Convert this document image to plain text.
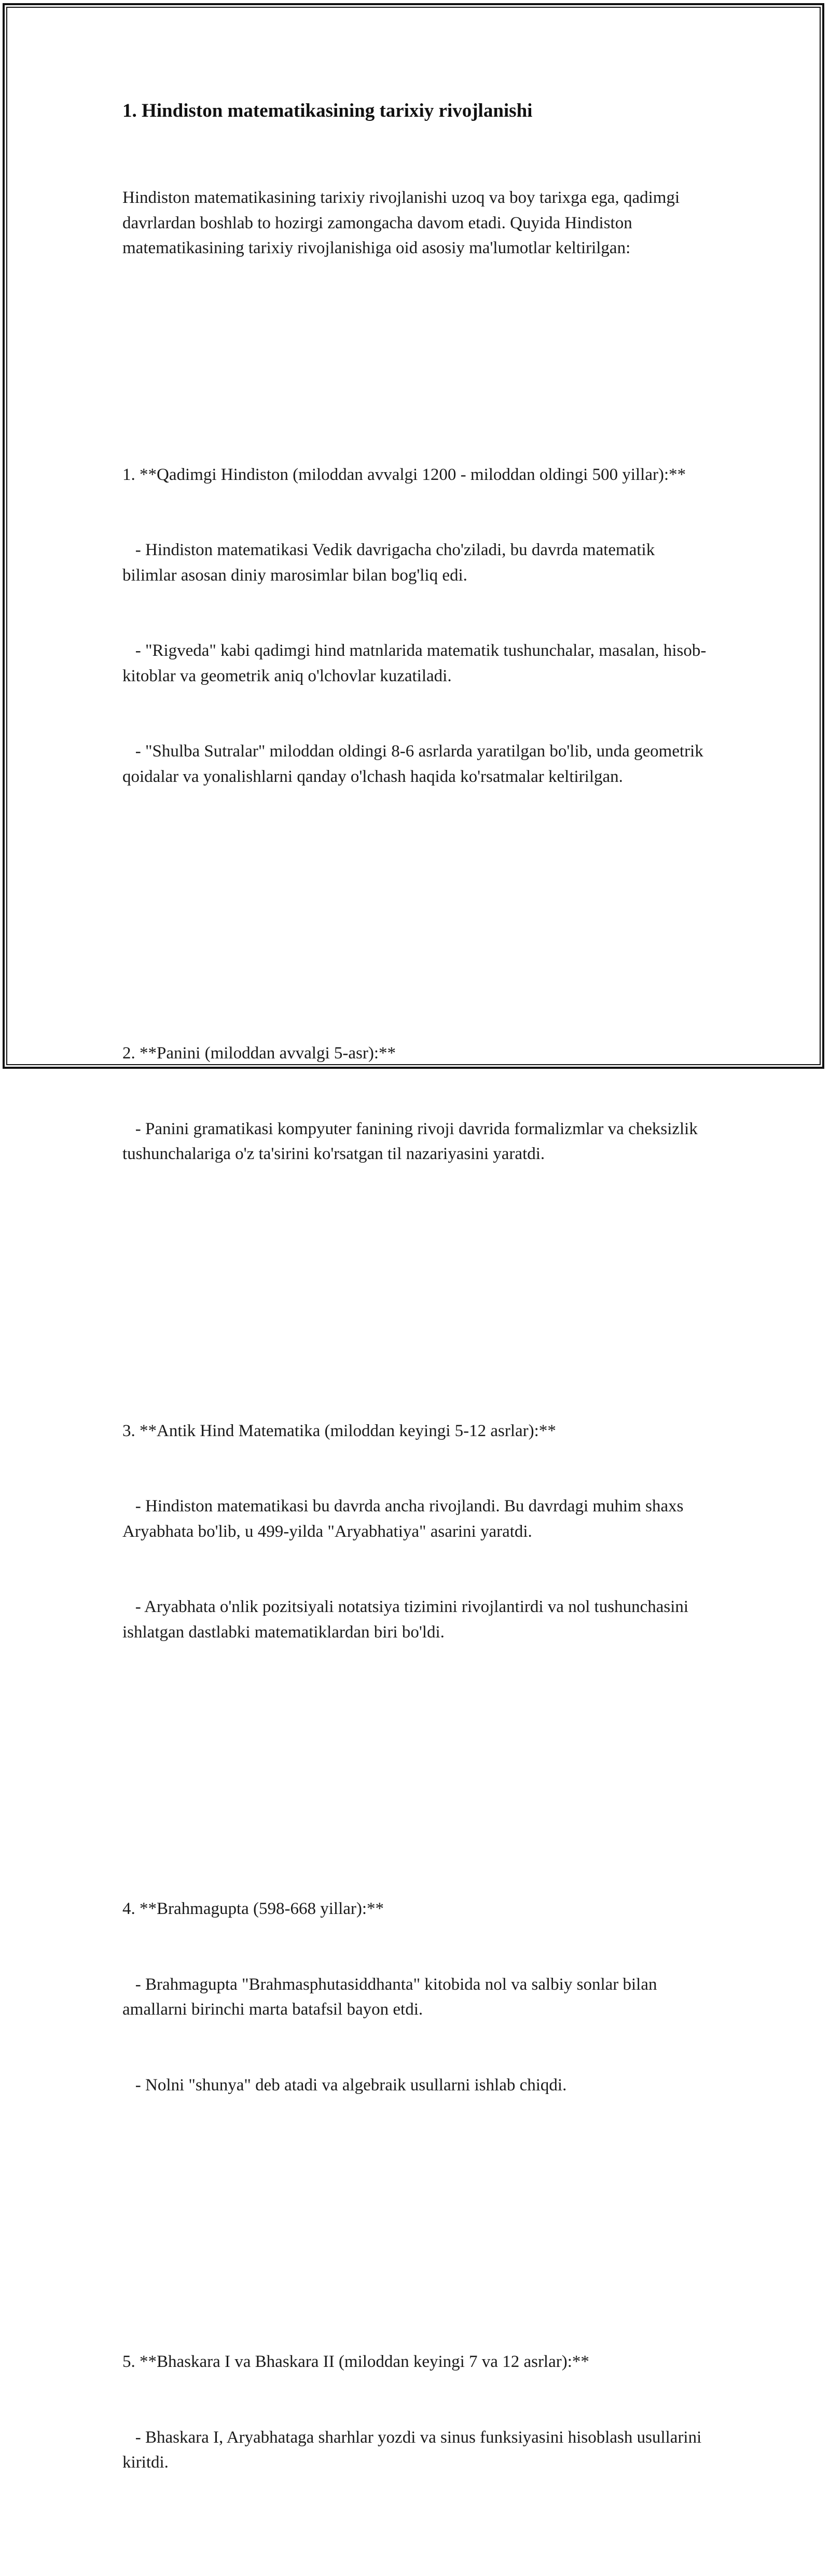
1. Hindiston matematikasining tarixiy rivojlanishi

Hindiston matematikasining tarixiy rivojlanishi uzoq va boy tarixga ega, qadimgi davrlardan boshlab to hozirgi zamongacha davom etadi. Quyida Hindiston matematikasining tarixiy rivojlanishiga oid asosiy ma'lumotlar keltirilgan:

1. **Qadimgi Hindiston (miloddan avvalgi 1200 - miloddan oldingi 500 yillar):**

- Hindiston matematikasi Vedik davrigacha cho'ziladi, bu davrda matematik bilimlar asosan diniy marosimlar bilan bog'liq edi.

- "Rigveda" kabi qadimgi hind matnlarida matematik tushunchalar, masalan, hisob-kitoblar va geometrik aniq o'lchovlar kuzatiladi.

- "Shulba Sutralar" miloddan oldingi 8-6 asrlarda yaratilgan bo'lib, unda geometrik qoidalar va yonalishlarni qanday o'lchash haqida ko'rsatmalar keltirilgan.

2. **Panini (miloddan avvalgi 5-asr):**

- Panini gramatikasi kompyuter fanining rivoji davrida formalizmlar va cheksizlik tushunchalariga o'z ta'sirini ko'rsatgan til nazariyasini yaratdi.

3. **Antik Hind Matematika (miloddan keyingi 5-12 asrlar):**

- Hindiston matematikasi bu davrda ancha rivojlandi. Bu davrdagi muhim shaxs Aryabhata bo'lib, u 499-yilda "Aryabhatiya" asarini yaratdi.

- Aryabhata o'nlik pozitsiyali notatsiya tizimini rivojlantirdi va nol tushunchasini ishlatgan dastlabki matematiklardan biri bo'ldi.

4. **Brahmagupta (598-668 yillar):**

- Brahmagupta "Brahmasphutasiddhanta" kitobida nol va salbiy sonlar bilan amallarni birinchi marta batafsil bayon etdi.

- Nolni "shunya" deb atadi va algebraik usullarni ishlab chiqdi.

5. **Bhaskara I va Bhaskara II (miloddan keyingi 7 va 12 asrlar):**

- Bhaskara I, Aryabhataga sharhlar yozdi va sinus funksiyasini hisoblash usullarini kiritdi.
